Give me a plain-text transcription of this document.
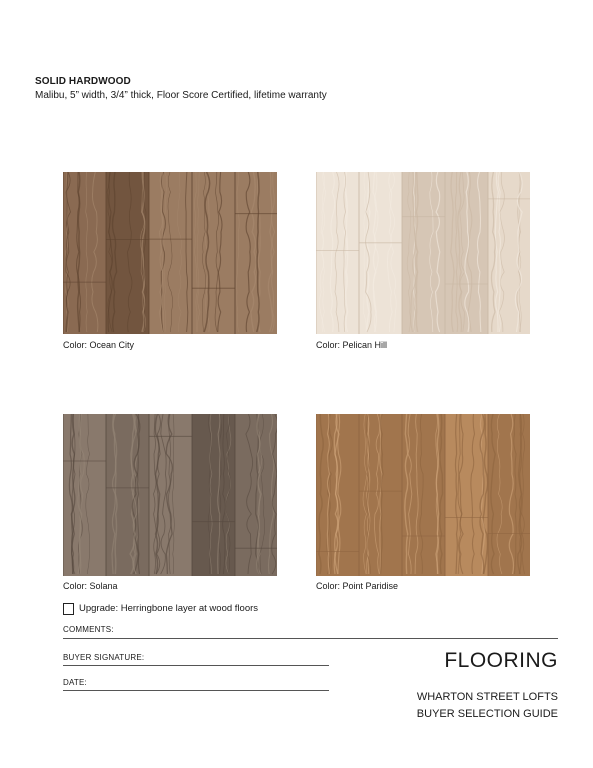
SOLID HARDWOOD
Malibu, 5” width, 3/4” thick, Floor Score Certified, lifetime warranty
Color: Ocean City	Color: Pelican Hill
Color: Solana	Color: Point Paridise
Upgrade: Herringbone layer at wood floors
COMMENTS:
BUYER SIGNATURE:
DATE:
FLOORING
WHARTON STREET LOFTS
BUYER SELECTION GUIDE
